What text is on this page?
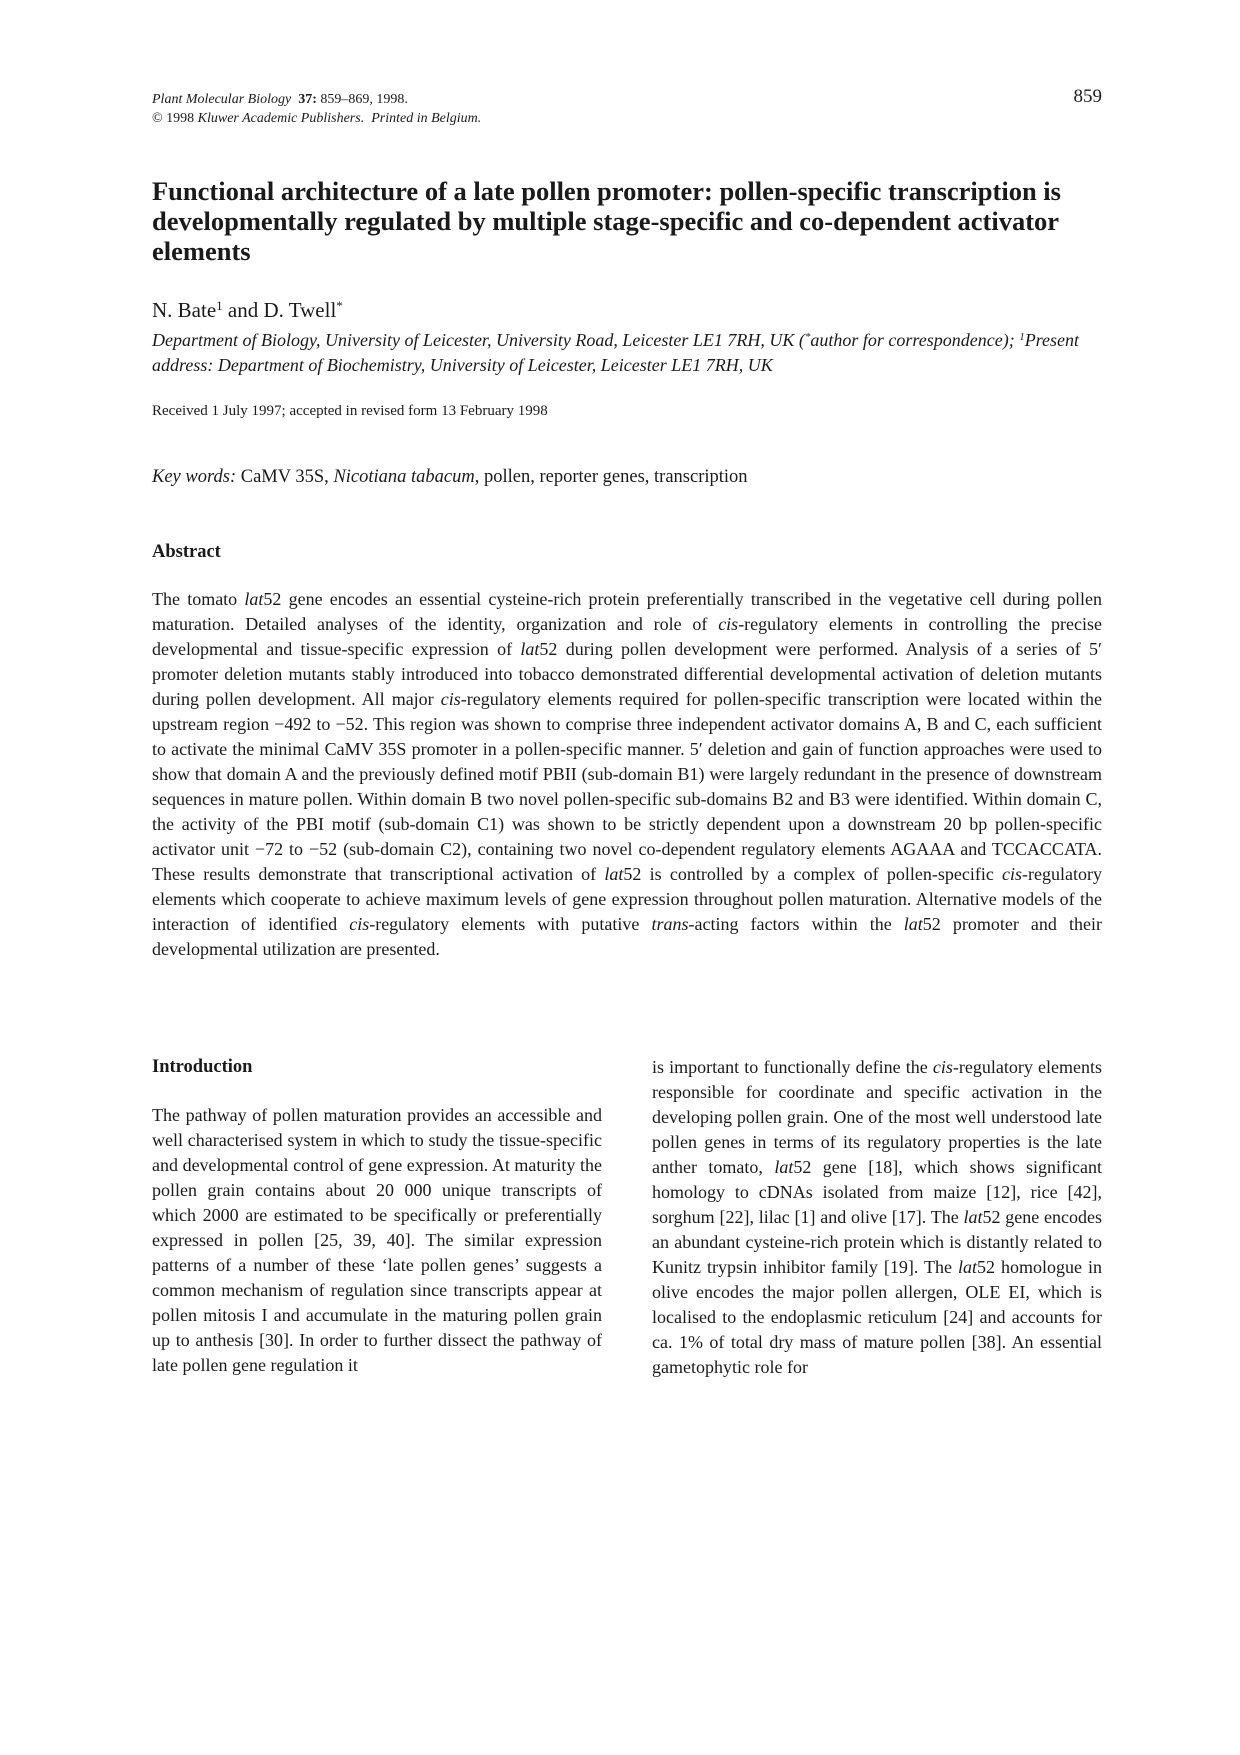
Plant Molecular Biology 37: 859–869, 1998.
© 1998 Kluwer Academic Publishers. Printed in Belgium.
859
Functional architecture of a late pollen promoter: pollen-specific transcription is developmentally regulated by multiple stage-specific and co-dependent activator elements
N. Bate$^1$ and D. Twell*
Department of Biology, University of Leicester, University Road, Leicester LE1 7RH, UK (*author for correspondence); $^1$Present address: Department of Biochemistry, University of Leicester, Leicester LE1 7RH, UK
Received 1 July 1997; accepted in revised form 13 February 1998
Key words: CaMV 35S, Nicotiana tabacum, pollen, reporter genes, transcription
Abstract

The tomato lat52 gene encodes an essential cysteine-rich protein preferentially transcribed in the vegetative cell during pollen maturation. Detailed analyses of the identity, organization and role of cis-regulatory elements in controlling the precise developmental and tissue-specific expression of lat52 during pollen development were performed. Analysis of a series of 5′ promoter deletion mutants stably introduced into tobacco demonstrated differential developmental activation of deletion mutants during pollen development. All major cis-regulatory elements required for pollen-specific transcription were located within the upstream region −492 to −52. This region was shown to comprise three independent activator domains A, B and C, each sufficient to activate the minimal CaMV 35S promoter in a pollen-specific manner. 5′ deletion and gain of function approaches were used to show that domain A and the previously defined motif PBII (sub-domain B1) were largely redundant in the presence of downstream sequences in mature pollen. Within domain B two novel pollen-specific sub-domains B2 and B3 were identified. Within domain C, the activity of the PBI motif (sub-domain C1) was shown to be strictly dependent upon a downstream 20 bp pollen-specific activator unit −72 to −52 (sub-domain C2), containing two novel co-dependent regulatory elements AGAAA and TCCACCATA. These results demonstrate that transcriptional activation of lat52 is controlled by a complex of pollen-specific cis-regulatory elements which cooperate to achieve maximum levels of gene expression throughout pollen maturation. Alternative models of the interaction of identified cis-regulatory elements with putative trans-acting factors within the lat52 promoter and their developmental utilization are presented.

Introduction

The pathway of pollen maturation provides an accessible and well characterised system in which to study the tissue-specific and developmental control of gene expression. At maturity the pollen grain contains about 20 000 unique transcripts of which 2000 are estimated to be specifically or preferentially expressed in pollen [25, 39, 40]. The similar expression patterns of a number of these ‘late pollen genes’ suggests a common mechanism of regulation since transcripts appear at pollen mitosis I and accumulate in the maturing pollen grain up to anthesis [30]. In order to further dissect the pathway of late pollen gene regulation it

is important to functionally define the cis-regulatory elements responsible for coordinate and specific activation in the developing pollen grain. One of the most well understood late pollen genes in terms of its regulatory properties is the late anther tomato, lat52 gene [18], which shows significant homology to cDNAs isolated from maize [12], rice [42], sorghum [22], lilac [1] and olive [17]. The lat52 gene encodes an abundant cysteine-rich protein which is distantly related to Kunitz trypsin inhibitor family [19]. The lat52 homologue in olive encodes the major pollen allergen, OLE EI, which is localised to the endoplasmic reticulum [24] and accounts for ca. 1% of total dry mass of mature pollen [38]. An essential gametophytic role for
